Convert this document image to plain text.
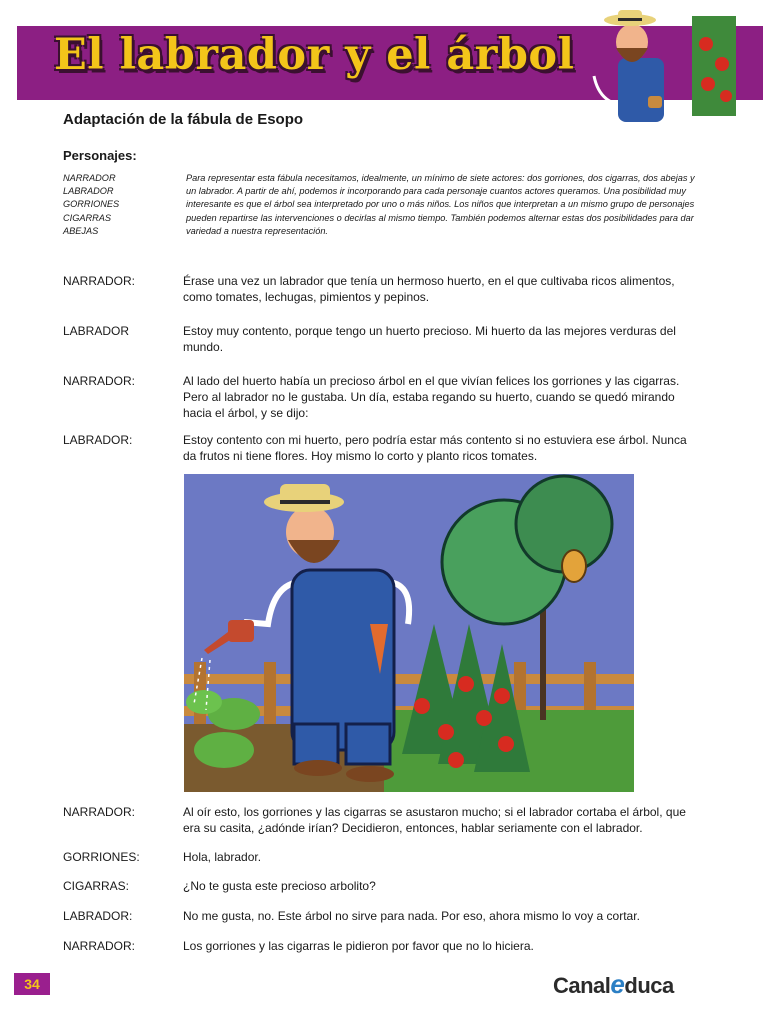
El labrador y el árbol
Adaptación de la fábula de Esopo
Personajes:
NARRADOR
LABRADOR
GORRIONES
CIGARRAS
ABEJAS

Para representar esta fábula necesitamos, idealmente, un mínimo de siete actores: dos gorriones, dos cigarras, dos abejas y un labrador. A partir de ahí, podemos ir incorporando para cada personaje cuantos actores queramos. Una posibilidad muy interesante es que el árbol sea interpretado por uno o más niños. Los niños que interpretan a un mismo grupo de personajes pueden repartirse las intervenciones o decirlas al mismo tiempo. También podemos alternar estas dos posibilidades para dar variedad a nuestra representación.

NARRADOR:	Érase una vez un labrador que tenía un hermoso huerto, en el que cultivaba ricos alimentos, como tomates, lechugas, pimientos y pepinos.
LABRADOR	Estoy muy contento, porque tengo un huerto precioso. Mi huerto da las mejores verduras del mundo.
NARRADOR:	Al lado del huerto había un precioso árbol en el que vivían felices los gorriones y las cigarras. Pero al labrador no le gustaba. Un día, estaba regando su huerto, cuando se quedó mirando hacia el árbol, y se dijo:
LABRADOR:	Estoy contento con mi huerto, pero podría estar más contento si no estuviera ese árbol. Nunca da frutos ni tiene flores. Hoy mismo lo corto y planto ricos tomates.
NARRADOR:	Al oír esto, los gorriones y las cigarras se asustaron mucho; si el labrador cortaba el árbol, que era su casita, ¿adónde irían? Decidieron, entonces, hablar seriamente con el labrador.
GORRIONES:	Hola, labrador.
CIGARRAS:	¿No te gusta este precioso arbolito?
LABRADOR:	No me gusta, no. Este árbol no sirve para nada. Por eso, ahora mismo lo voy a cortar.
NARRADOR:	Los gorriones y las cigarras le pidieron por favor que no lo hiciera.
34	Canaleduca
